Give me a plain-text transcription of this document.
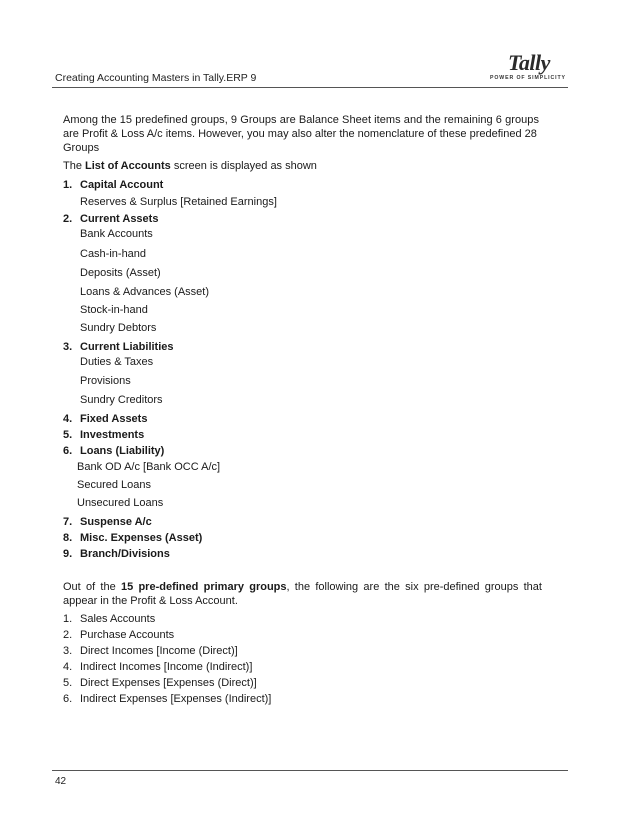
Creating Accounting Masters in Tally.ERP 9
Tally
POWER OF SIMPLICITY
Among the 15 predefined groups, 9 Groups are Balance Sheet items and the remaining 6 groups
are Profit & Loss A/c items. However, you may also alter the nomenclature of these predefined 28
Groups
The List of Accounts screen is displayed as shown
1. Capital Account
Reserves & Surplus [Retained Earnings]
2. Current Assets
Bank Accounts
Cash-in-hand
Deposits (Asset)
Loans & Advances (Asset)
Stock-in-hand
Sundry Debtors
3. Current Liabilities
Duties & Taxes
Provisions
Sundry Creditors
4. Fixed Assets
5. Investments
6. Loans (Liability)
Bank OD A/c [Bank OCC A/c]
Secured Loans
Unsecured Loans
7. Suspense A/c
8. Misc. Expenses (Asset)
9. Branch/Divisions
Out of the 15 pre-defined primary groups, the following are the six pre-defined groups that
appear in the Profit & Loss Account.
1. Sales Accounts
2. Purchase Accounts
3. Direct Incomes [Income (Direct)]
4. Indirect Incomes [Income (Indirect)]
5. Direct Expenses [Expenses (Direct)]
6. Indirect Expenses [Expenses (Indirect)]
42
